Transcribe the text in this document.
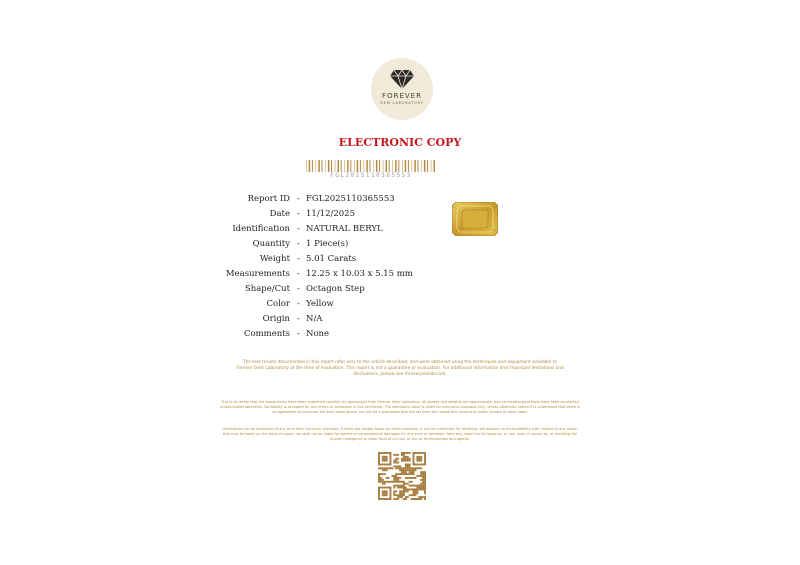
FOREVER
GEM LABORATORY
ELECTRONIC COPY
FGL2025110365553
Report ID - FGL2025110365553
Date - 11/12/2025
Identification - NATURAL BERYL
Quantity - 1 Piece(s)
Weight - 5.01 Carats
Measurements - 12.25 x 10.03 x 5.15 mm
Shape/Cut - Octagon Step
Color - Yellow
Origin - N/A
Comments - None
The test results documented in this report refer only to the article described, and were obtained using the techniques and equipment available to Forever Gem Laboratory at the time of evaluation. This report is not a guarantee or evaluation. For additional information and important limitations and disclaimers, please see foreverjemlab.com.
This is to certify that the above items have been examined carefully by gemologist from Forever Gem Laboratory. All grades and weights are approximate, and no metallurgical tests have been conducted unless stated otherwise. No liability is accepted for any errors or omissions in this certificate. The estimated value is given for insurance purposes only, unless otherwise stated it is understood that there is no agreement to purchase the item listed above, nor will be a guarantee that the set item will realize this amount at public private or other sales.
Gemstones can be enhanced at any time after living our premises. If there are doubts about an items condition, it can be submitted for retesting. We assume no accountability with respect to any action that may be taken on the basis of report, we shall not be liable for special or consequential damages for any error or omission, from any report for its issuance, or use, even if caused by, or resulting the proven negligence or other fault of our lab, or any of its employees and agents.
